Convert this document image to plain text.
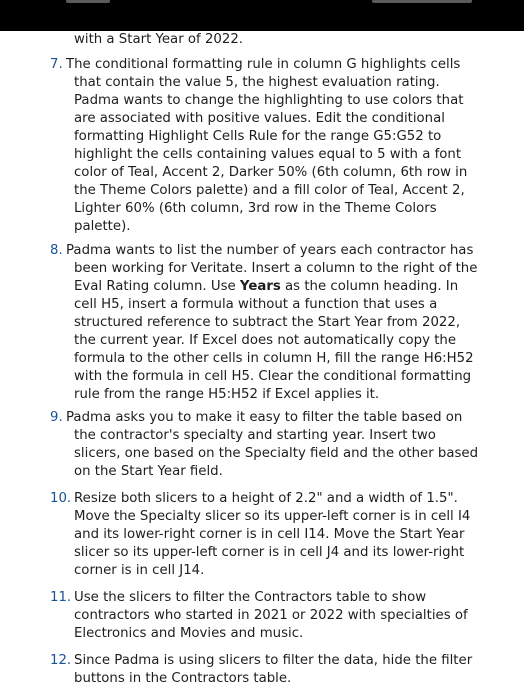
with a Start Year of 2022.
7. The conditional formatting rule in column G highlights cells
that contain the value 5, the highest evaluation rating.
Padma wants to change the highlighting to use colors that
are associated with positive values. Edit the conditional
formatting Highlight Cells Rule for the range G5:G52 to
highlight the cells containing values equal to 5 with a font
color of Teal, Accent 2, Darker 50% (6th column, 6th row in
the Theme Colors palette) and a fill color of Teal, Accent 2,
Lighter 60% (6th column, 3rd row in the Theme Colors
palette).
8. Padma wants to list the number of years each contractor has
been working for Veritate. Insert a column to the right of the
Eval Rating column. Use Years as the column heading. In
cell H5, insert a formula without a function that uses a
structured reference to subtract the Start Year from 2022,
the current year. If Excel does not automatically copy the
formula to the other cells in column H, fill the range H6:H52
with the formula in cell H5. Clear the conditional formatting
rule from the range H5:H52 if Excel applies it.
9. Padma asks you to make it easy to filter the table based on
the contractor's specialty and starting year. Insert two
slicers, one based on the Specialty field and the other based
on the Start Year field.
10. Resize both slicers to a height of 2.2" and a width of 1.5".
Move the Specialty slicer so its upper-left corner is in cell I4
and its lower-right corner is in cell I14. Move the Start Year
slicer so its upper-left corner is in cell J4 and its lower-right
corner is in cell J14.
11. Use the slicers to filter the Contractors table to show
contractors who started in 2021 or 2022 with specialties of
Electronics and Movies and music.
12. Since Padma is using slicers to filter the data, hide the filter
buttons in the Contractors table.
